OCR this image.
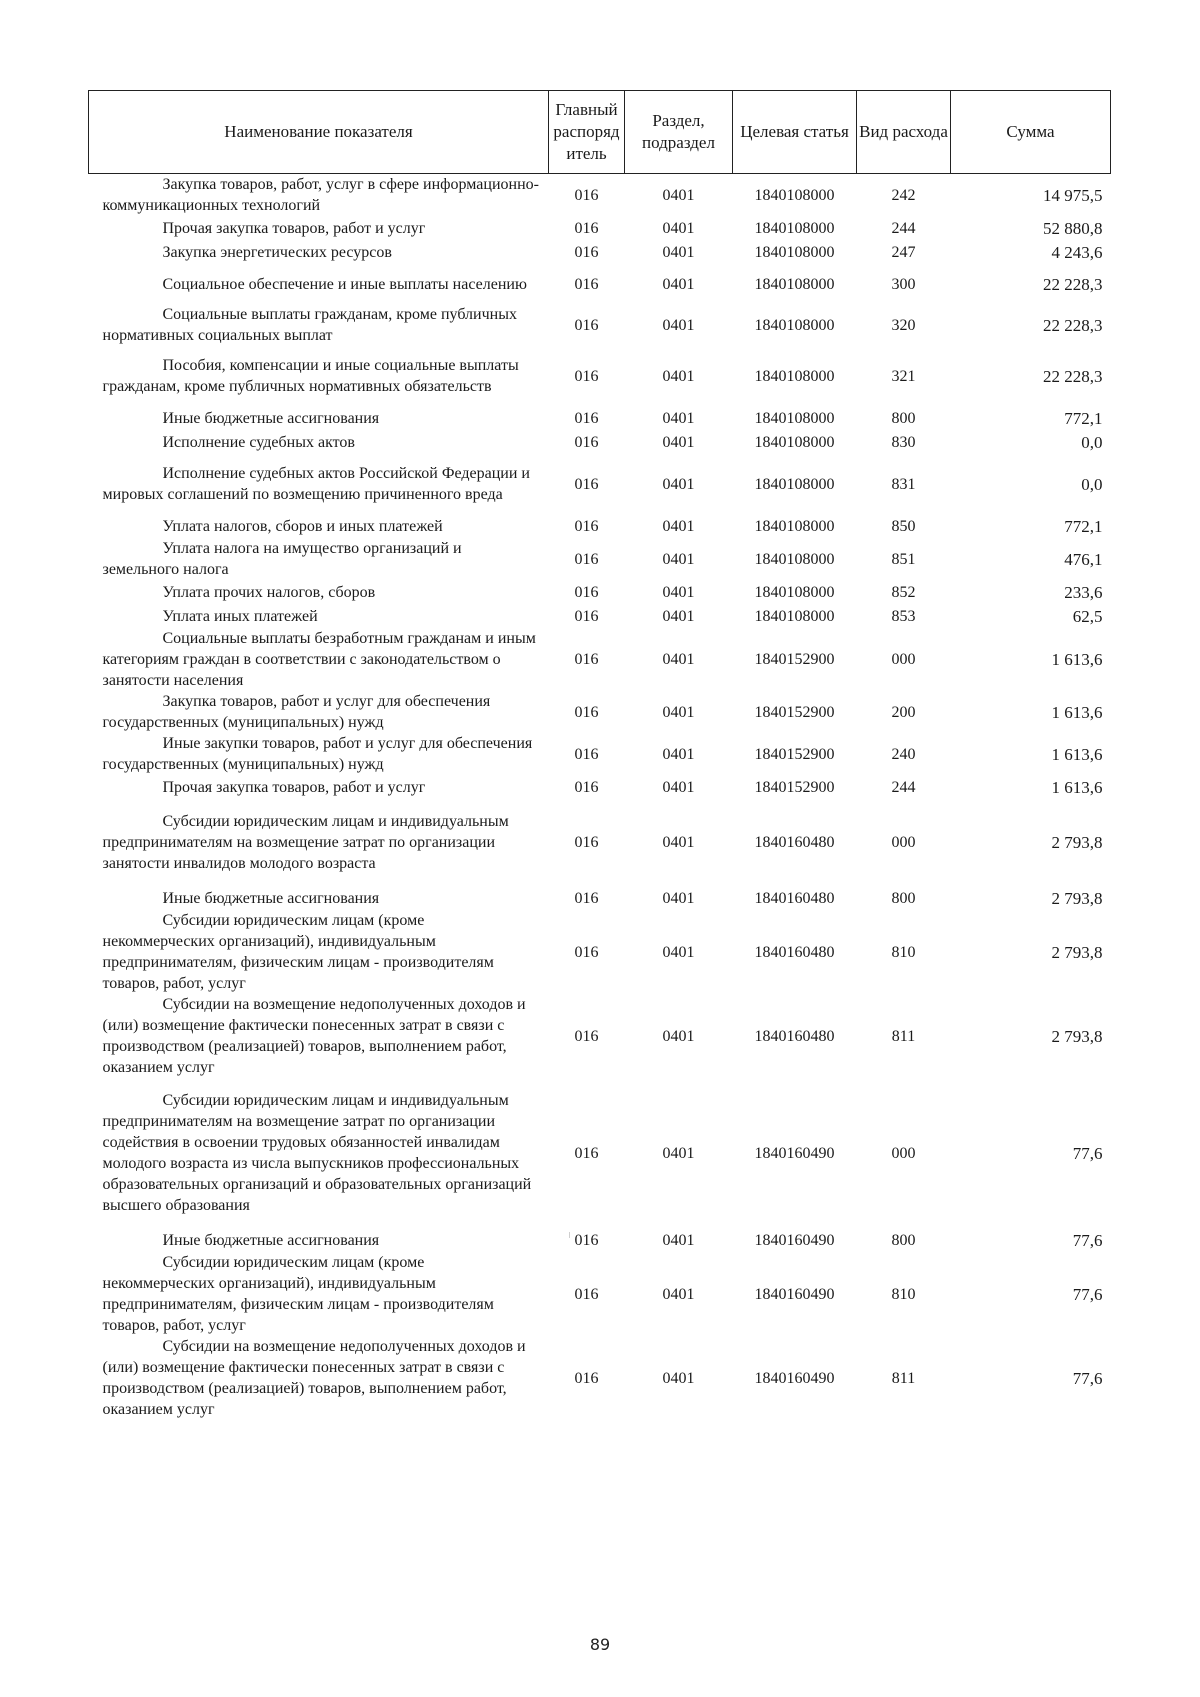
Наименование показателя	Главный распоряд итель	Раздел, подраздел	Целевая статья	Вид расхода	Сумма

Закупка товаров, работ, услуг в сфере информационно-коммуникационных технологий	016	0401	1840108000	242	14 975,5

Прочая закупка товаров, работ и услуг	016	0401	1840108000	244	52 880,8

Закупка энергетических ресурсов	016	0401	1840108000	247	4 243,6

Социальное обеспечение и иные выплаты населению	016	0401	1840108000	300	22 228,3

Социальные выплаты гражданам, кроме публичных нормативных социальных выплат	016	0401	1840108000	320	22 228,3

Пособия, компенсации и иные социальные выплаты гражданам, кроме публичных нормативных обязательств	016	0401	1840108000	321	22 228,3

Иные бюджетные ассигнования	016	0401	1840108000	800	772,1

Исполнение судебных актов	016	0401	1840108000	830	0,0

Исполнение судебных актов Российской Федерации и мировых соглашений по возмещению причиненного вреда	016	0401	1840108000	831	0,0

Уплата налогов, сборов и иных платежей	016	0401	1840108000	850	772,1

Уплата налога на имущество организаций и земельного налога	016	0401	1840108000	851	476,1

Уплата прочих налогов, сборов	016	0401	1840108000	852	233,6

Уплата иных платежей	016	0401	1840108000	853	62,5

Социальные выплаты безработным гражданам и иным категориям граждан в соответствии с законодательством о занятости населения	016	0401	1840152900	000	1 613,6

Закупка товаров, работ и услуг для обеспечения государственных (муниципальных) нужд	016	0401	1840152900	200	1 613,6

Иные закупки товаров, работ и услуг для обеспечения государственных (муниципальных) нужд	016	0401	1840152900	240	1 613,6

Прочая закупка товаров, работ и услуг	016	0401	1840152900	244	1 613,6

Субсидии юридическим лицам и индивидуальным предпринимателям на возмещение затрат по организации занятости инвалидов молодого возраста	016	0401	1840160480	000	2 793,8

Иные бюджетные ассигнования	016	0401	1840160480	800	2 793,8

Субсидии юридическим лицам (кроме некоммерческих организаций), индивидуальным предпринимателям, физическим лицам - производителям товаров, работ, услуг	016	0401	1840160480	810	2 793,8

Субсидии на возмещение недополученных доходов и (или) возмещение фактически понесенных затрат в связи с производством (реализацией) товаров, выполнением работ, оказанием услуг	016	0401	1840160480	811	2 793,8

Субсидии юридическим лицам и индивидуальным предпринимателям на возмещение затрат по организации содействия в освоении трудовых обязанностей инвалидам молодого возраста из числа выпускников профессиональных образовательных организаций и образовательных организаций высшего образования	016	0401	1840160490	000	77,6

Иные бюджетные ассигнования	016	0401	1840160490	800	77,6

Субсидии юридическим лицам (кроме некоммерческих организаций), индивидуальным предпринимателям, физическим лицам - производителям товаров, работ, услуг	016	0401	1840160490	810	77,6

Субсидии на возмещение недополученных доходов и (или) возмещение фактически понесенных затрат в связи с производством (реализацией) товаров, выполнением работ, оказанием услуг	016	0401	1840160490	811	77,6
89
